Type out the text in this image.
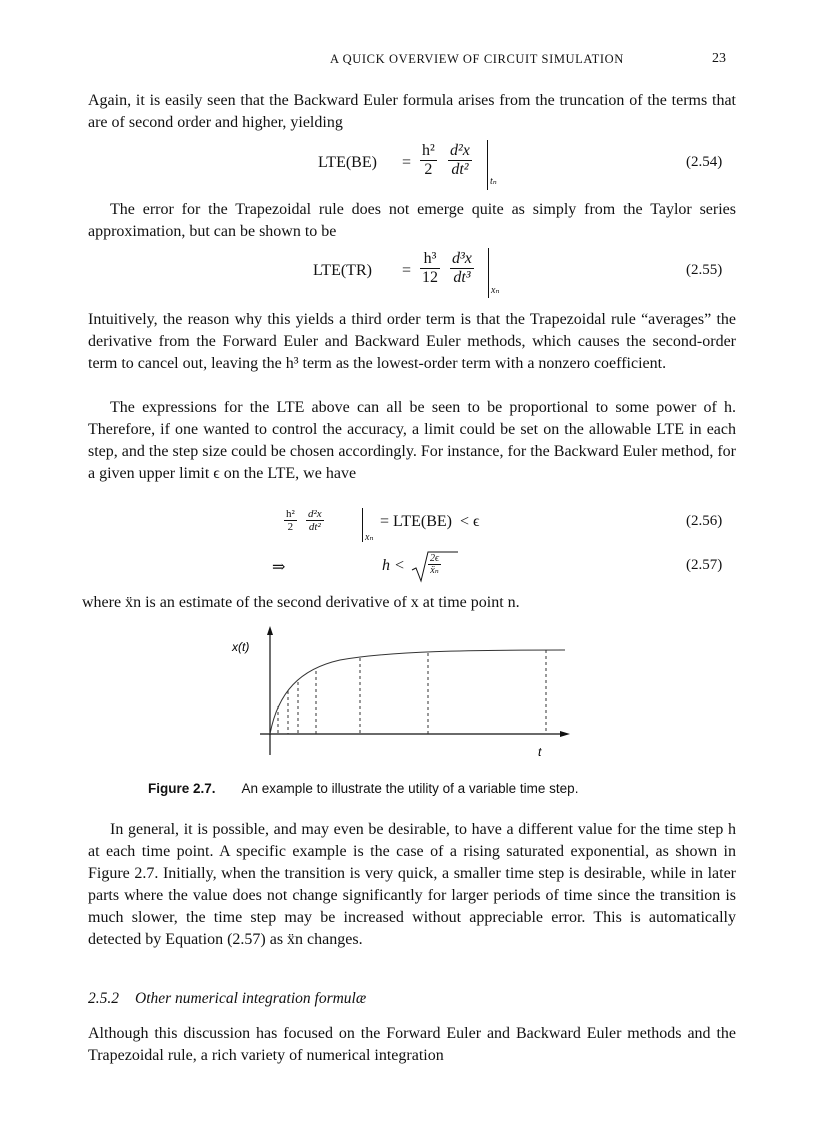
A QUICK OVERVIEW OF CIRCUIT SIMULATION	23
Again, it is easily seen that the Backward Euler formula arises from the truncation of the terms that are of second order and higher, yielding
$LTE(BE) = \frac{\text{h²}}{2} \frac{\text{d²x}}{\text{dt²}}$
tₙ
(2.54)
The error for the Trapezoidal rule does not emerge quite as simply from the Taylor series approximation, but can be shown to be
$LTE(TR) = \frac{\text{h³}}{12} \frac{\text{d³x}}{\text{dt³}}$
xₙ
(2.55)
Intuitively, the reason why this yields a third order term is that the Trapezoidal rule “averages” the derivative from the Forward Euler and Backward Euler methods, which causes the second-order term to cancel out, leaving the h³ term as the lowest-order term with a nonzero coefficient.
The expressions for the LTE above can all be seen to be proportional to some power of h. Therefore, if one wanted to control the accuracy, a limit could be set on the allowable LTE in each step, and the step size could be chosen accordingly. For instance, for the Backward Euler method, for a given upper limit ϵ on the LTE, we have
$\frac{\text{h²}}{2} \frac{\text{d²x}}{\text{dt²}}$
xₙ
= LTE(BE)  < ϵ	(2.56)
⇒	$h < \frac{2\epsilon}{\text{ẍₙ}}$	(2.57)
where ẍn is an estimate of the second derivative of x at time point n.
x(t)
t
Figure 2.7. An example to illustrate the utility of a variable time step.
In general, it is possible, and may even be desirable, to have a different value for the time step h at each time point. A specific example is the case of a rising saturated exponential, as shown in Figure 2.7. Initially, when the transition is very quick, a smaller time step is desirable, while in later parts where the value does not change significantly for larger periods of time since the transition is much slower, the time step may be increased without appreciable error. This is automatically detected by Equation (2.57) as ẍn changes.
2.5.2 Other numerical integration formulæ
Although this discussion has focused on the Forward Euler and Backward Euler methods and the Trapezoidal rule, a rich variety of numerical integration
